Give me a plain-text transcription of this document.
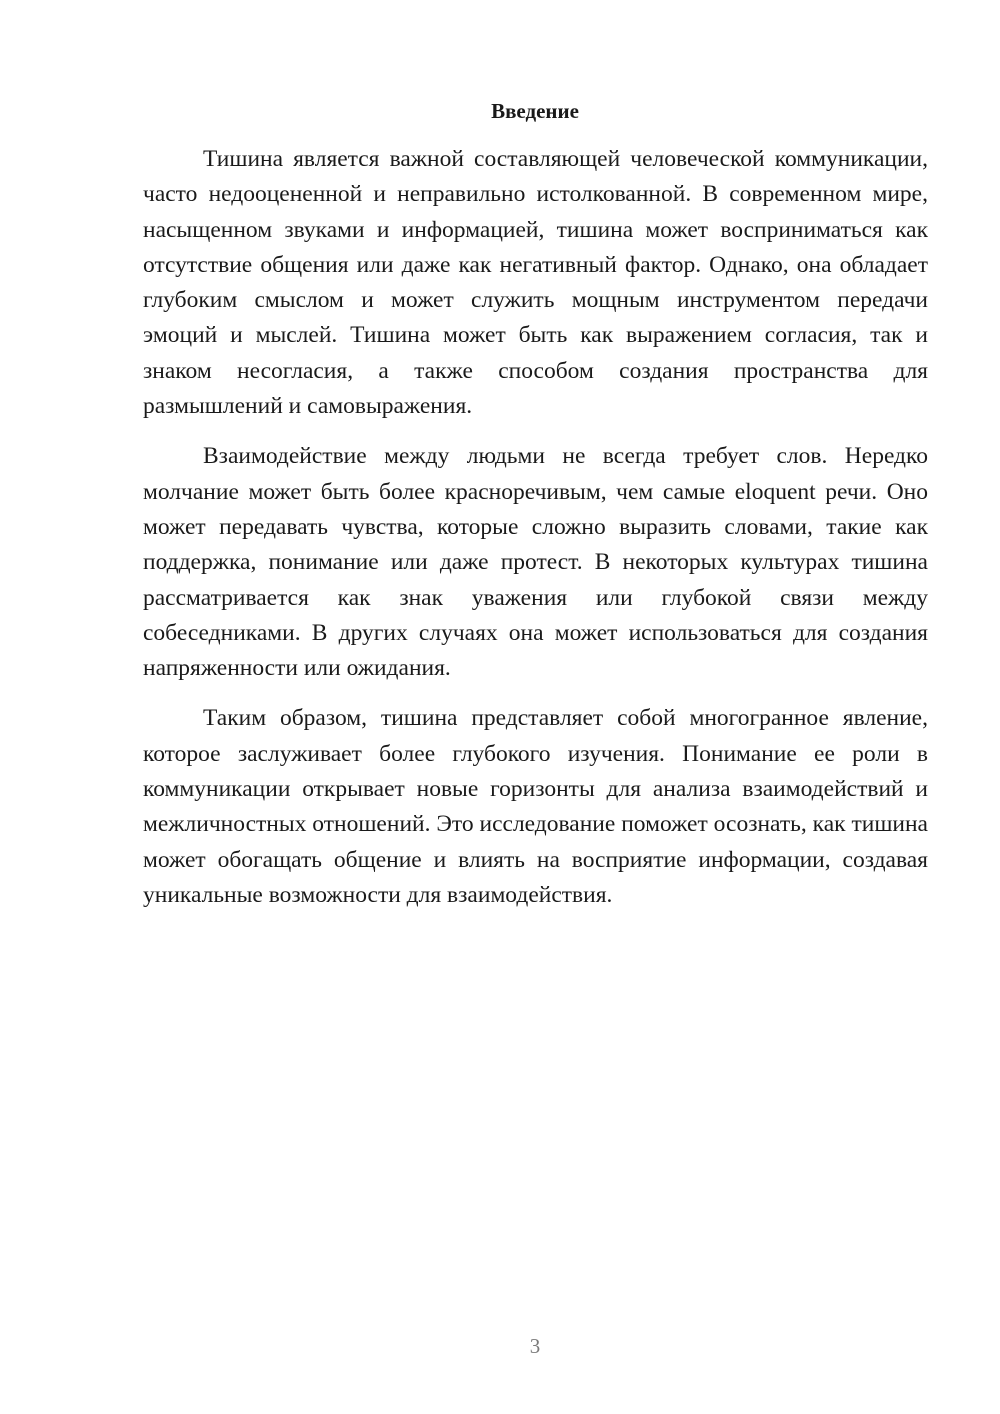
Введение

Тишина является важной составляющей человеческой коммуникации, часто недооцененной и неправильно истолкованной. В современном мире, насыщенном звуками и информацией, тишина может восприниматься как отсутствие общения или даже как негативный фактор. Однако, она обладает глубоким смыслом и может служить мощным инструментом передачи эмоций и мыслей. Тишина может быть как выражением согласия, так и знаком несогласия, а также способом создания пространства для размышлений и самовыражения.

Взаимодействие между людьми не всегда требует слов. Нередко молчание может быть более красноречивым, чем самые eloquent речи. Оно может передавать чувства, которые сложно выразить словами, такие как поддержка, понимание или даже протест. В некоторых культурах тишина рассматривается как знак уважения или глубокой связи между собеседниками. В других случаях она может использоваться для создания напряженности или ожидания.

Таким образом, тишина представляет собой многогранное явление, которое заслуживает более глубокого изучения. Понимание ее роли в коммуникации открывает новые горизонты для анализа взаимодействий и межличностных отношений. Это исследование поможет осознать, как тишина может обогащать общение и влиять на восприятие информации, создавая уникальные возможности для взаимодействия.

3
